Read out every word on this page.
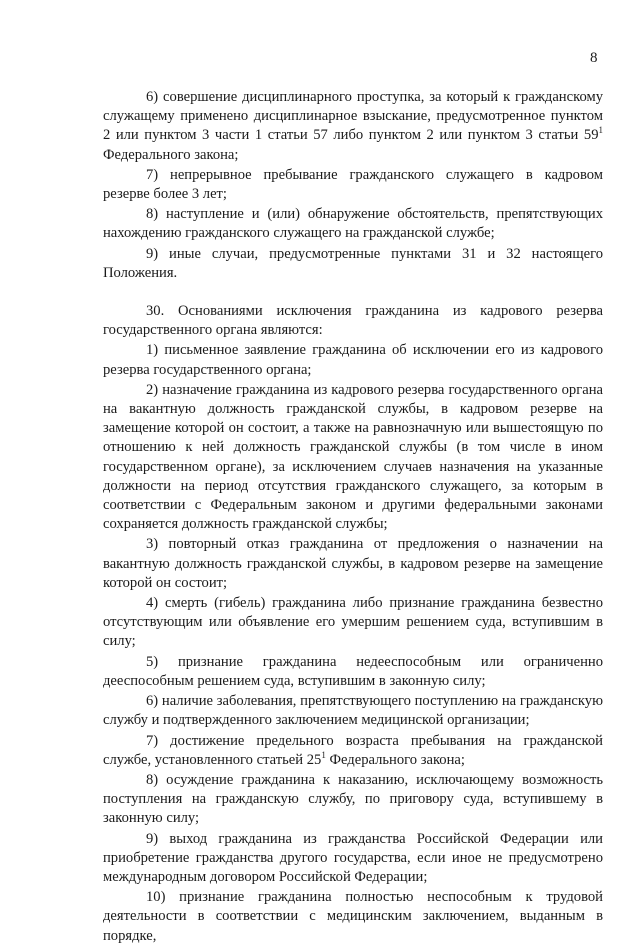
8

6) совершение дисциплинарного проступка, за который к гражданскому служащему применено дисциплинарное взыскание, предусмотренное пунктом 2 или пунктом 3 части 1 статьи 57 либо пунктом 2 или пунктом 3 статьи $59^1$ Федерального закона;

7) непрерывное пребывание гражданского служащего в кадровом резерве более 3 лет;

8) наступление и (или) обнаружение обстоятельств, препятствующих нахождению гражданского служащего на гражданской службе;

9) иные случаи, предусмотренные пунктами 31 и 32 настоящего Положения.

30. Основаниями исключения гражданина из кадрового резерва государственного органа являются:

1) письменное заявление гражданина об исключении его из кадрового резерва государственного органа;

2) назначение гражданина из кадрового резерва государственного органа на вакантную должность гражданской службы, в кадровом резерве на замещение которой он состоит, а также на равнозначную или вышестоящую по отношению к ней должность гражданской службы (в том числе в ином государственном органе), за исключением случаев назначения на указанные должности на период отсутствия гражданского служащего, за которым в соответствии с Федеральным законом и другими федеральными законами сохраняется должность гражданской службы;

3) повторный отказ гражданина от предложения о назначении на вакантную должность гражданской службы, в кадровом резерве на замещение которой он состоит;

4) смерть (гибель) гражданина либо признание гражданина безвестно отсутствующим или объявление его умершим решением суда, вступившим в силу;

5) признание гражданина недееспособным или ограниченно дееспособным решением суда, вступившим в законную силу;

6) наличие заболевания, препятствующего поступлению на гражданскую службу и подтвержденного заключением медицинской организации;

7) достижение предельного возраста пребывания на гражданской службе, установленного статьей $25^1$ Федерального закона;

8) осуждение гражданина к наказанию, исключающему возможность поступления на гражданскую службу, по приговору суда, вступившему в законную силу;

9) выход гражданина из гражданства Российской Федерации или приобретение гражданства другого государства, если иное не предусмотрено международным договором Российской Федерации;

10) признание гражданина полностью неспособным к трудовой деятельности в соответствии с медицинским заключением, выданным в порядке,
